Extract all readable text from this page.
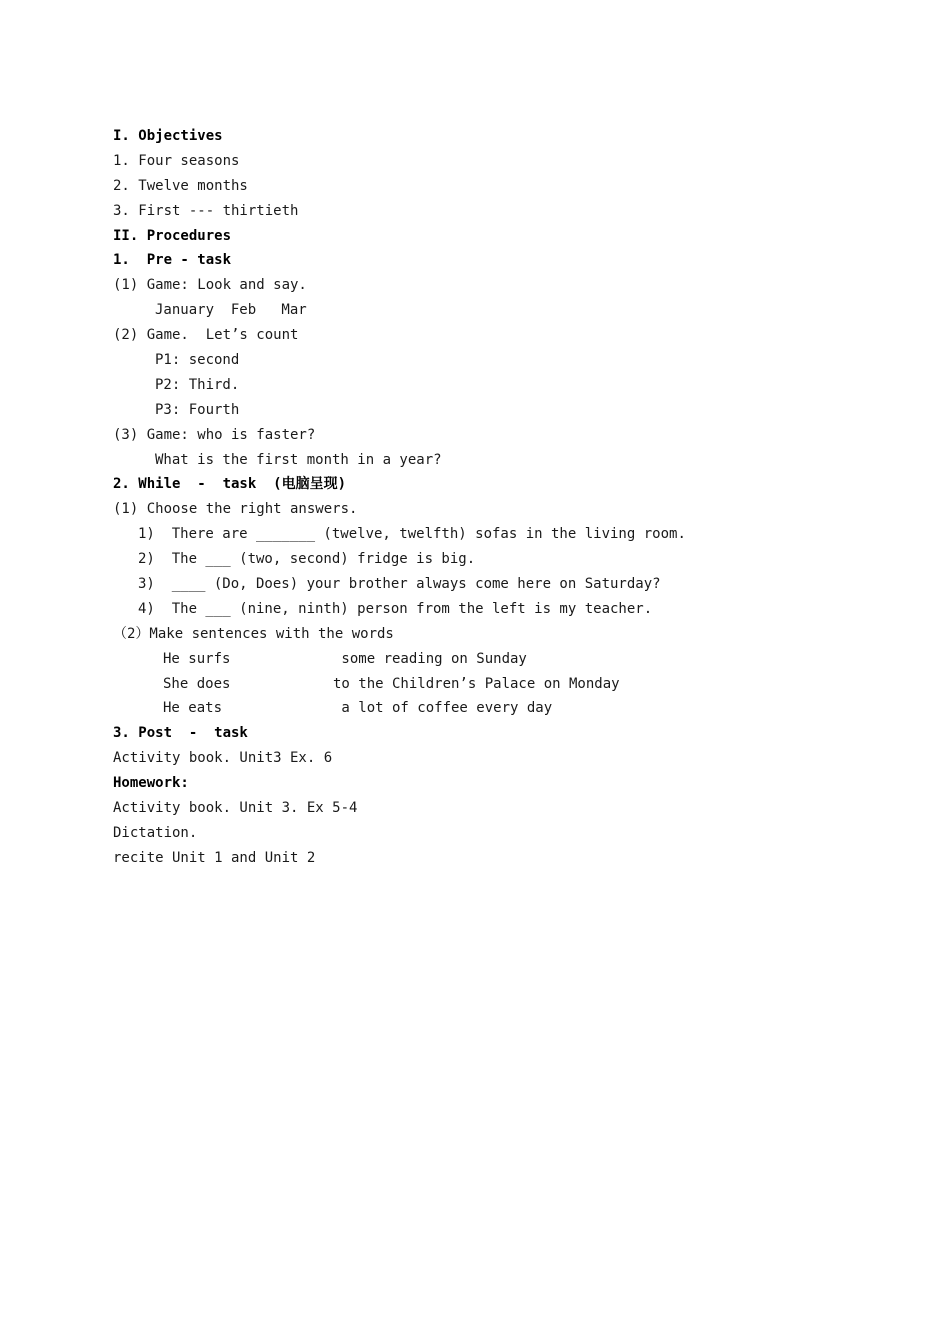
I. Objectives
1. Four seasons
2. Twelve months
3. First --- thirtieth
II. Procedures
1.  Pre - task
(1) Game: Look and say.
January  Feb   Mar
(2) Game.  Let’s count
P1: second
P2: Third.
P3: Fourth
(3) Game: who is faster?
What is the first month in a year?
2. While  -  task  (电脑呈现)
(1) Choose the right answers.
1)  There are _______ (twelve, twelfth) sofas in the living room.
2)  The ___ (two, second) fridge is big.
3)  ____ (Do, Does) your brother always come here on Saturday?
4)  The ___ (nine, ninth) person from the left is my teacher.
（2）Make sentences with the words
He surfs	some reading on Sunday
She does	to the Children’s Palace on Monday
He eats	a lot of coffee every day
3. Post  -  task
Activity book. Unit3 Ex. 6
Homework:
Activity book. Unit 3. Ex 5-4
Dictation.
recite Unit 1 and Unit 2
